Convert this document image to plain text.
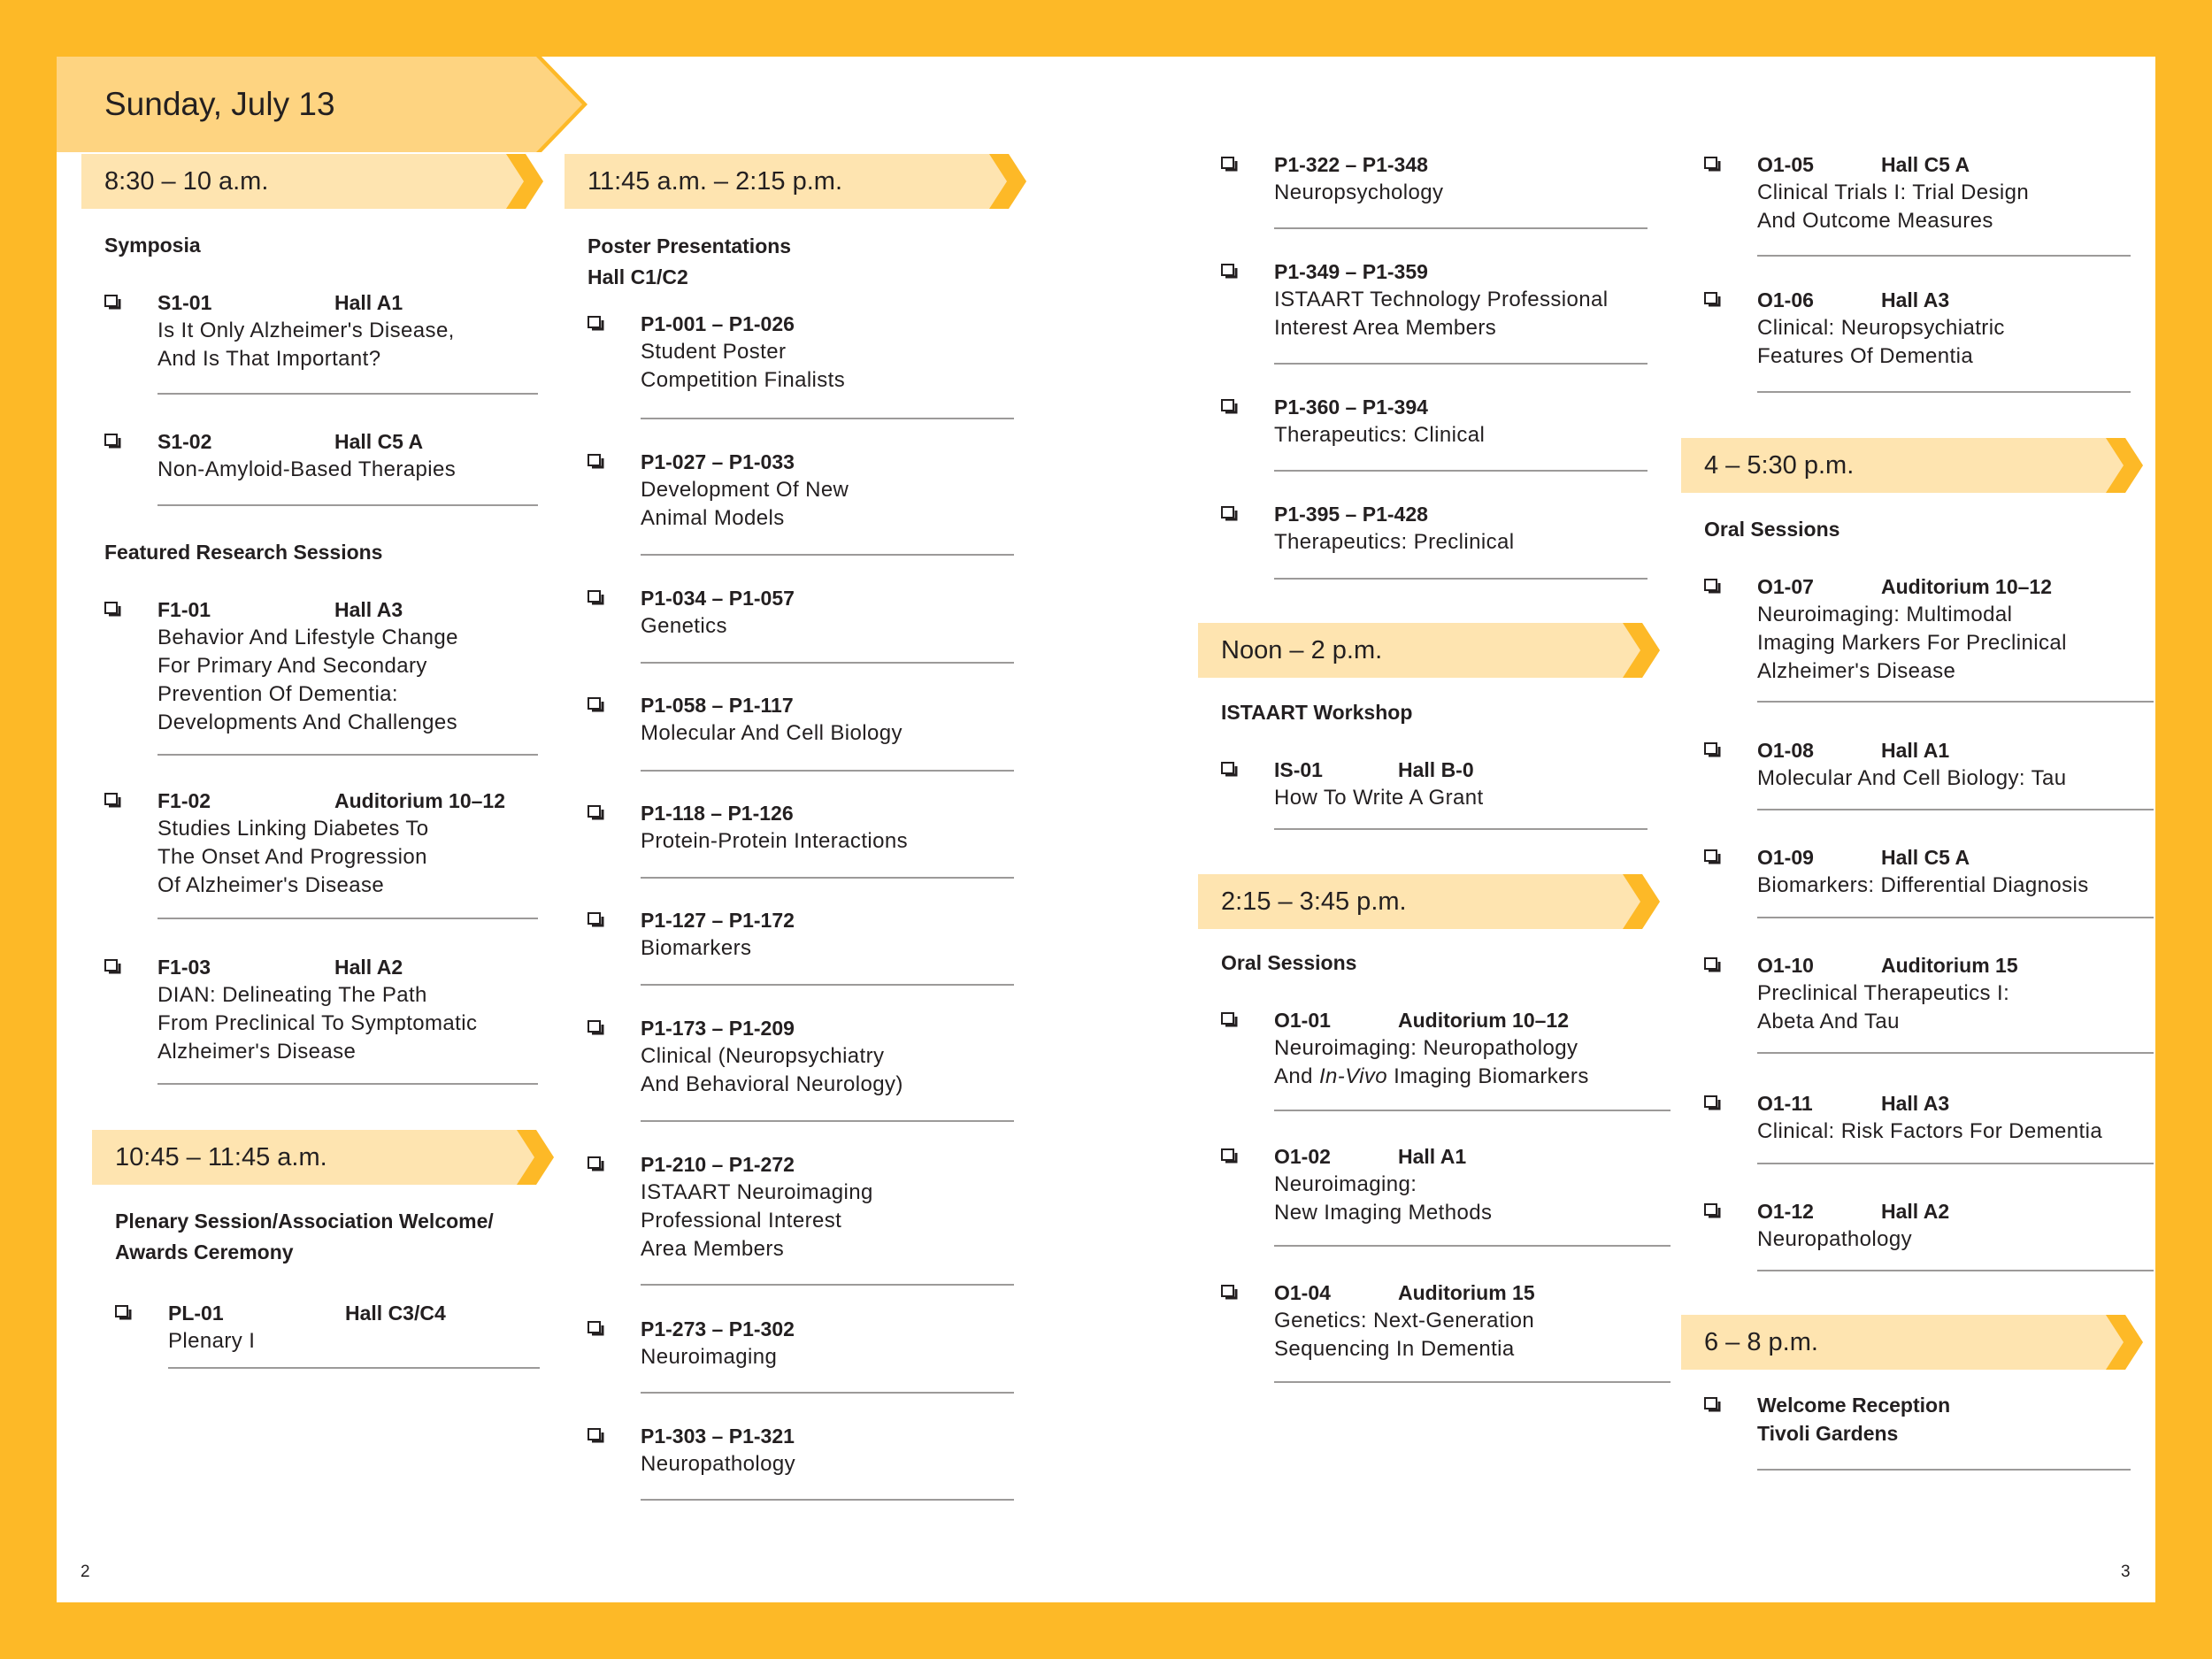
Sunday, July 13
8:30 – 10 a.m.
Symposia
S1-01	Hall A1
Is It Only Alzheimer's Disease,
And Is That Important?
S1-02	Hall C5 A
Non-Amyloid-Based Therapies
Featured Research Sessions
F1-01	Hall A3
Behavior And Lifestyle Change
For Primary And Secondary
Prevention Of Dementia:
Developments And Challenges
F1-02	Auditorium 10–12
Studies Linking Diabetes To
The Onset And Progression
Of Alzheimer's Disease
F1-03	Hall A2
DIAN: Delineating The Path
From Preclinical To Symptomatic
Alzheimer's Disease
10:45 – 11:45 a.m.
Plenary Session/Association Welcome/
Awards Ceremony
PL-01	Hall C3/C4
Plenary I
11:45 a.m. – 2:15 p.m.
Poster Presentations
Hall C1/C2
P1-001 – P1-026
Student Poster
Competition Finalists
P1-027 – P1-033
Development Of New
Animal Models
P1-034 – P1-057
Genetics
P1-058 – P1-117
Molecular And Cell Biology
P1-118 – P1-126
Protein-Protein Interactions
P1-127 – P1-172
Biomarkers
P1-173 – P1-209
Clinical (Neuropsychiatry
And Behavioral Neurology)
P1-210 – P1-272
ISTAART Neuroimaging
Professional Interest
Area Members
P1-273 – P1-302
Neuroimaging
P1-303 – P1-321
Neuropathology
P1-322 – P1-348
Neuropsychology
P1-349 – P1-359
ISTAART Technology Professional
Interest Area Members
P1-360 – P1-394
Therapeutics: Clinical
P1-395 – P1-428
Therapeutics: Preclinical
Noon – 2 p.m.
ISTAART Workshop
IS-01	Hall B-0
How To Write A Grant
2:15 – 3:45 p.m.
Oral Sessions
O1-01	Auditorium 10–12
Neuroimaging: Neuropathology
And In-Vivo Imaging Biomarkers
O1-02	Hall A1
Neuroimaging:
New Imaging Methods
O1-04	Auditorium 15
Genetics: Next-Generation
Sequencing In Dementia
O1-05	Hall C5 A
Clinical Trials I: Trial Design
And Outcome Measures
O1-06	Hall A3
Clinical: Neuropsychiatric
Features Of Dementia
4 – 5:30 p.m.
Oral Sessions
O1-07	Auditorium 10–12
Neuroimaging: Multimodal
Imaging Markers For Preclinical
Alzheimer's Disease
O1-08	Hall A1
Molecular And Cell Biology: Tau
O1-09	Hall C5 A
Biomarkers: Differential Diagnosis
O1-10	Auditorium 15
Preclinical Therapeutics I:
Abeta And Tau
O1-11	Hall A3
Clinical: Risk Factors For Dementia
O1-12	Hall A2
Neuropathology
6 – 8 p.m.
Welcome Reception
Tivoli Gardens
2	3
